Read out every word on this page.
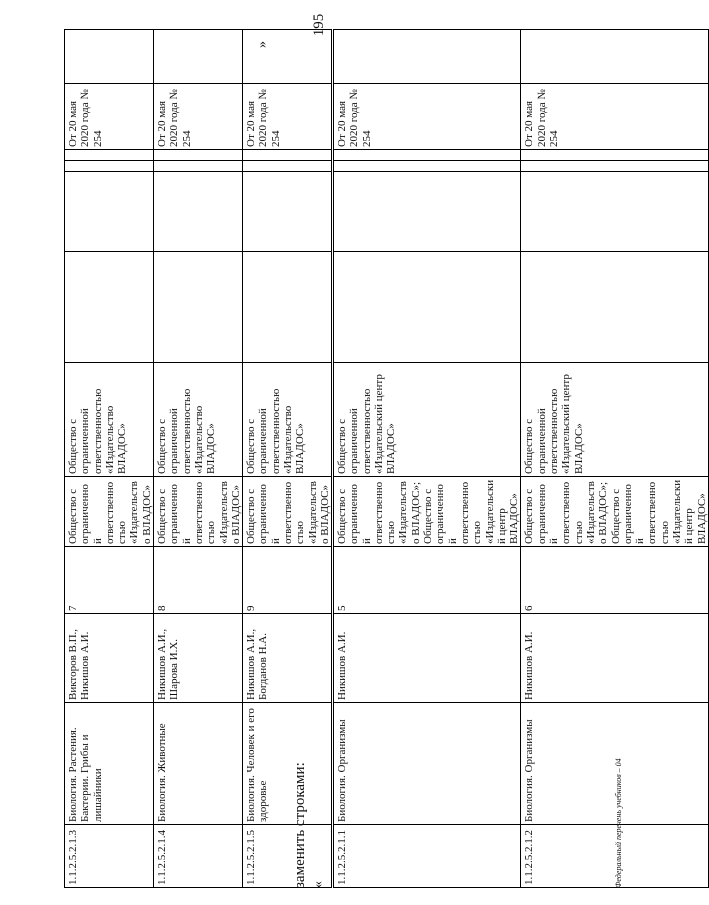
195
1.1.2.5.2.1.3	Биология. Растения. Бактерии. Грибы и лишайники	Викторов В.П., Никишов А.И.	7	Общество с ограниченной ответственностью «Издательство ВЛАДОС»	Общество с ограниченной ответственностью «Издательство ВЛАДОС»					От 20 мая 2020 года № 254	
1.1.2.5.2.1.4	Биология. Животные	Никишов А.И., Шарова И.Х.	8	Общество с ограниченной ответственностью «Издательство ВЛАДОС»	Общество с ограниченной ответственностью «Издательство ВЛАДОС»					От 20 мая 2020 года № 254	
1.1.2.5.2.1.5	Биология. Человек и его здоровье	Никишов А.И., Богданов Н.А.	9	Общество с ограниченной ответственностью «Издательство ВЛАДОС»	Общество с ограниченной ответственностью «Издательство ВЛАДОС»					От 20 мая 2020 года № 254	
»
заменить строками: « 1.1.2.5.2.1.1	Биология. Организмы	Никишов А.И.	5	Общество с ограниченной ответственностью «Издательство ВЛАДОС»; Общество с ограниченной ответственностью «Издательский центр ВЛАДОС»	Общество с ограниченной ответственностью «Издательский центр ВЛАДОС»					От 20 мая 2020 года № 254	
1.1.2.5.2.1.2	Биология. Организмы	Никишов А.И.	6	Общество с ограниченной ответственностью «Издательство ВЛАДОС»; Общество с ограниченной ответственностью «Издательский центр ВЛАДОС»	Общество с ограниченной ответственностью «Издательский центр ВЛАДОС»					От 20 мая 2020 года № 254	
Федеральный перечень учебников – 04
